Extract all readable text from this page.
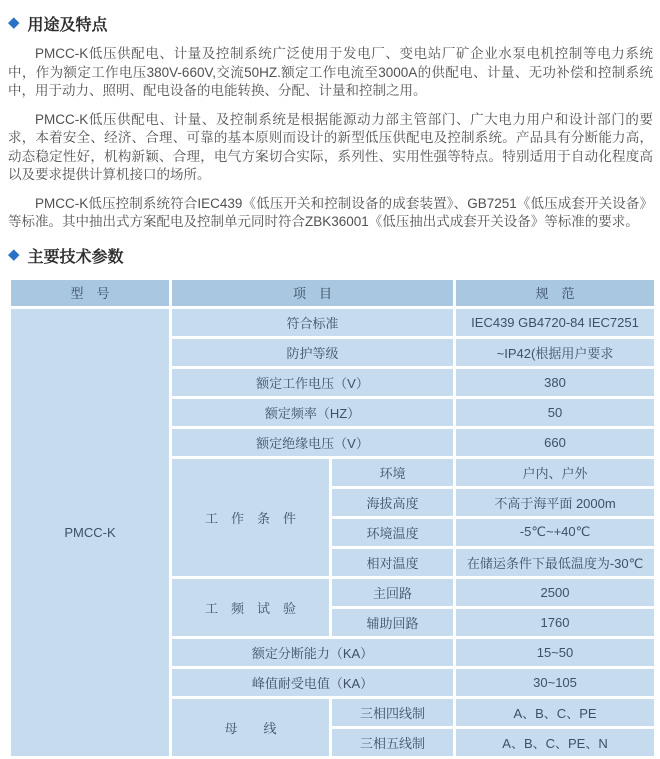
◆ 用途及特点

PMCC-K低压供配电、计量及控制系统广泛使用于发电厂、变电站厂矿企业水泵电机控制等电力系统中，作为额定工作电压380V-660V,交流50HZ.额定工作电流至3000A的供配电、计量、无功补偿和控制系统中，用于动力、照明、配电设备的电能转换、分配、计量和控制之用。

PMCC-K低压供配电、计量、及控制系统是根据能源动力部主管部门、广大电力用户和设计部门的要求，本着安全、经济、合理、可靠的基本原则而设计的新型低压供配电及控制系统。产品具有分断能力高，动态稳定性好，机构新颖、合理，电气方案切合实际，系列性、实用性强等特点。特别适用于自动化程度高以及要求提供计算机接口的场所。

PMCC-K低压控制系统符合IEC439《低压开关和控制设备的成套装置》、GB7251《低压成套开关设备》等标准。其中抽出式方案配电及控制单元同时符合ZBK36001《低压抽出式成套开关设备》等标准的要求。

◆ 主要技术参数
型　号	项　目		规　范
PMCC-K	符合标准		IEC439 GB4720-84 IEC7251
	防护等级		~IP42(根据用户要求
	额定工作电压（V）		380
	额定频率（HZ）		50
	额定绝缘电压（V）		660
	工　作　条　件	环境	户内、户外
		海拔高度	不高于海平面 2000m
		环境温度	-5℃~+40℃
		相对温度	在储运条件下最低温度为-30℃
	工　频　试　验	主回路	2500
		辅助回路	1760
	额定分断能力（KA）		15~50
	峰值耐受电值（KA）		30~105
	母　　线	三相四线制	A、B、C、PE
		三相五线制	A、B、C、PE、N
